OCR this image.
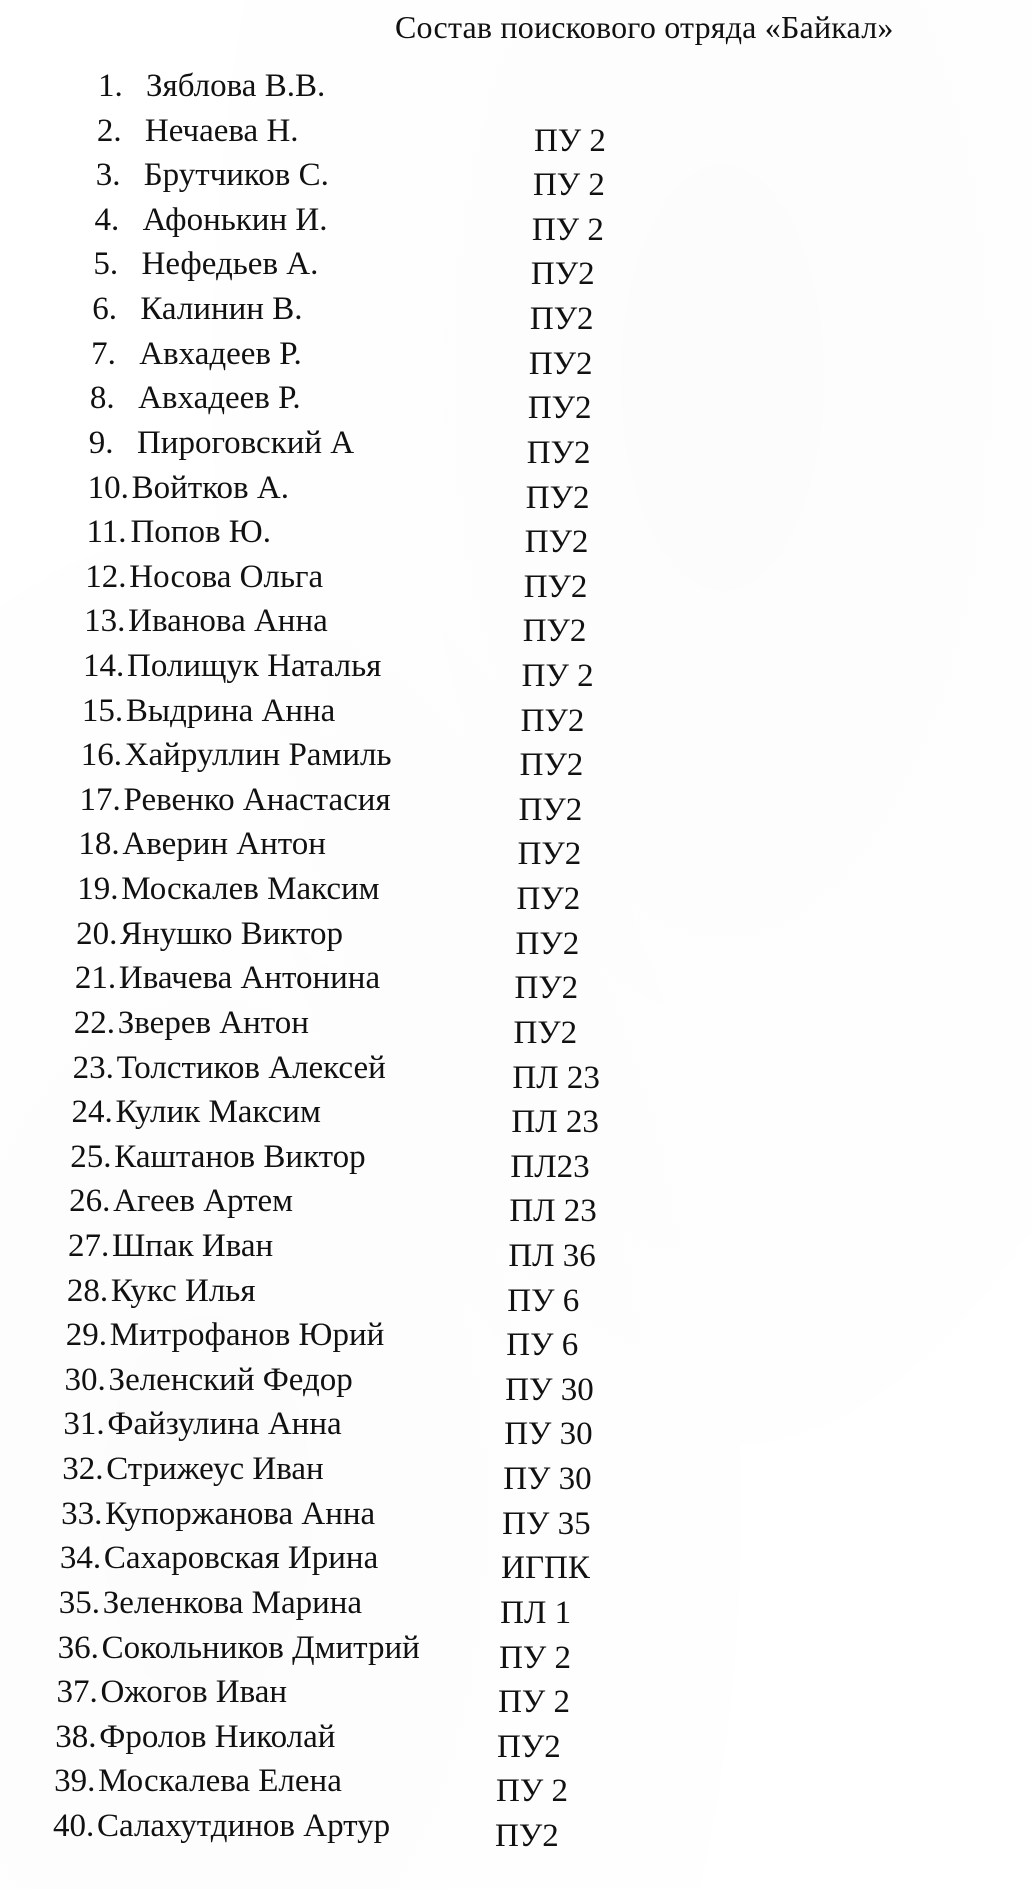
Состав поискового отряда «Байкал»
1. Зяблова В.В.
2. Нечаева Н.	ПУ 2
3. Брутчиков С.	ПУ 2
4. Афонькин И.	ПУ 2
5. Нефедьев А.	ПУ2
6. Калинин В.	ПУ2
7. Авхадеев Р.	ПУ2
8. Авхадеев Р.	ПУ2
9. Пироговский А	ПУ2
10. Войтков А.	ПУ2
11. Попов Ю.	ПУ2
12. Носова Ольга	ПУ2
13. Иванова Анна	ПУ2
14. Полищук Наталья	ПУ 2
15. Выдрина Анна	ПУ2
16. Хайруллин Рамиль	ПУ2
17. Ревенко Анастасия	ПУ2
18. Аверин Антон	ПУ2
19. Москалев Максим	ПУ2
20. Янушко Виктор	ПУ2
21. Ивачева Антонина	ПУ2
22. Зверев Антон	ПУ2
23. Толстиков Алексей	ПЛ 23
24. Кулик Максим	ПЛ 23
25. Каштанов Виктор	ПЛ23
26. Агеев Артем	ПЛ 23
27. Шпак Иван	ПЛ 36
28. Кукс Илья	ПУ 6
29. Митрофанов Юрий	ПУ 6
30. Зеленский Федор	ПУ 30
31. Файзулина Анна	ПУ 30
32. Стрижеус Иван	ПУ 30
33. Купоржанова Анна	ПУ 35
34. Сахаровская Ирина	ИГПК
35. Зеленкова Марина	ПЛ 1
36. Сокольников Дмитрий ПУ 2
37. Ожогов Иван	ПУ 2
38. Фролов Николай	ПУ2
39. Москалева Елена	ПУ 2
40. Салахутдинов Артур	ПУ2
